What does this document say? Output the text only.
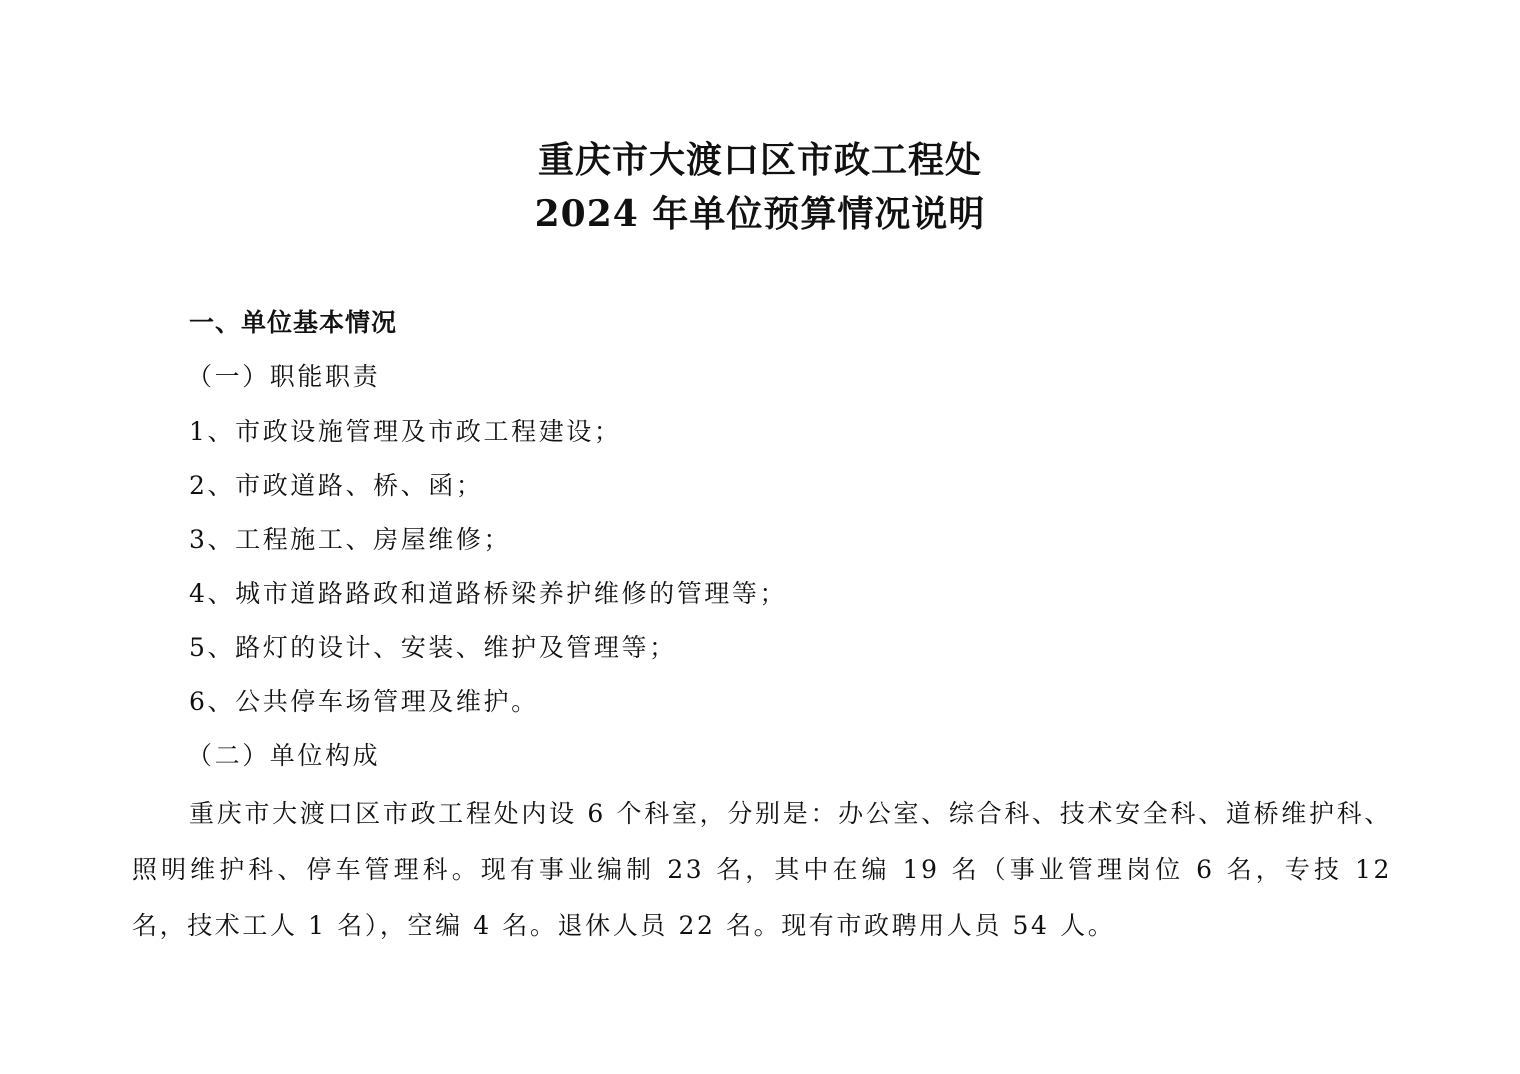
重庆市大渡口区市政工程处
2024 年单位预算情况说明
一、单位基本情况
（一）职能职责
1、市政设施管理及市政工程建设；
2、市政道路、桥、函；
3、工程施工、房屋维修；
4、城市道路路政和道路桥梁养护维修的管理等；
5、路灯的设计、安装、维护及管理等；
6、公共停车场管理及维护。
（二）单位构成
重庆市大渡口区市政工程处内设 6 个科室，分别是：办公室、综合科、技术安全科、道桥维护科、照明维护科、停车管理科。现有事业编制 23 名，其中在编 19 名（事业管理岗位 6 名，专技 12 名，技术工人 1 名），空编 4 名。退休人员 22 名。现有市政聘用人员 54 人。
